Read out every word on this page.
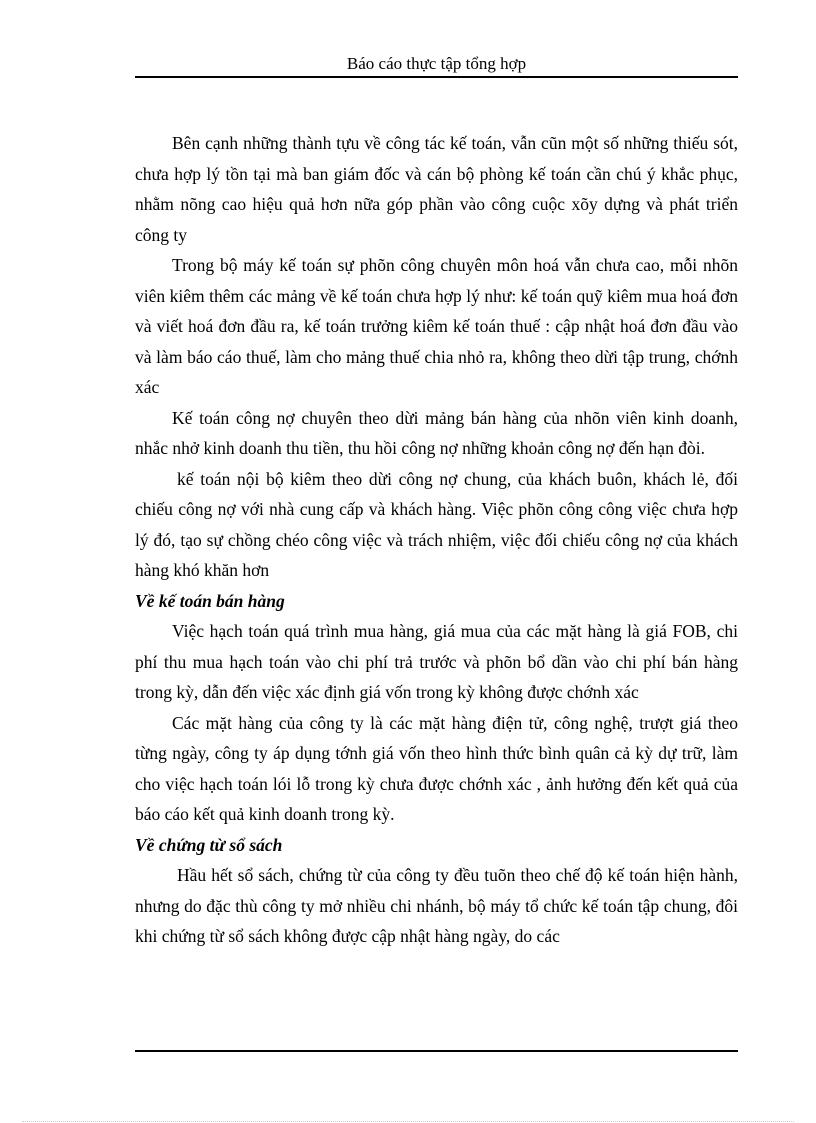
Báo cáo thực tập tổng hợp

Bên cạnh những thành tựu về công tác kế toán, vẫn cũn một số những thiếu sót, chưa hợp lý tồn tại mà ban giám đốc và cán bộ phòng kế toán cần chú ý khắc phục, nhằm nõng cao hiệu quả hơn nữa góp phần vào công cuộc xõy dựng và phát triển công ty

Trong bộ máy kế toán sự phõn công chuyên môn hoá vẫn chưa cao, mỗi nhõn viên kiêm thêm các mảng về kế toán chưa hợp lý như: kế toán quỹ kiêm mua hoá đơn và viết hoá đơn đầu ra, kế toán trưởng kiêm kế toán thuế : cập nhật hoá đơn đầu vào và làm báo cáo thuế, làm cho mảng thuế chia nhỏ ra, không theo dừi tập trung, chớnh xác

Kế toán công nợ chuyên theo dừi mảng bán hàng của nhõn viên kinh doanh, nhắc nhở kinh doanh thu tiền, thu hồi công nợ những khoản công nợ đến hạn đòi.

kế toán nội bộ kiêm theo dừi công nợ chung, của khách buôn, khách lẻ, đối chiếu công nợ với nhà cung cấp và khách hàng. Việc phõn công công việc chưa hợp lý đó, tạo sự chồng chéo công việc và trách nhiệm, việc đối chiếu công nợ của khách hàng khó khăn hơn

Về kế toán bán hàng

Việc hạch toán quá trình mua hàng, giá mua của các mặt hàng là giá FOB, chi phí thu mua hạch toán vào chi phí trả trước và phõn bổ dần vào chi phí bán hàng trong kỳ, dẫn đến việc xác định giá vốn trong kỳ không được chớnh xác

Các mặt hàng của công ty là các mặt hàng điện tử, công nghệ, trượt giá theo từng ngày, công ty áp dụng tớnh giá vốn theo hình thức bình quân cả kỳ dự trữ, làm cho việc hạch toán lói lỗ trong kỳ chưa được chớnh xác , ảnh hưởng đến kết quả của báo cáo kết quả kinh doanh trong kỳ.

Về chứng từ sổ sách

Hầu hết sổ sách, chứng từ của công ty đều tuõn theo chế độ kế toán hiện hành, nhưng do đặc thù công ty mở nhiều chi nhánh, bộ máy tổ chức kế toán tập chung, đôi khi chứng từ sổ sách không được cập nhật hàng ngày, do các
